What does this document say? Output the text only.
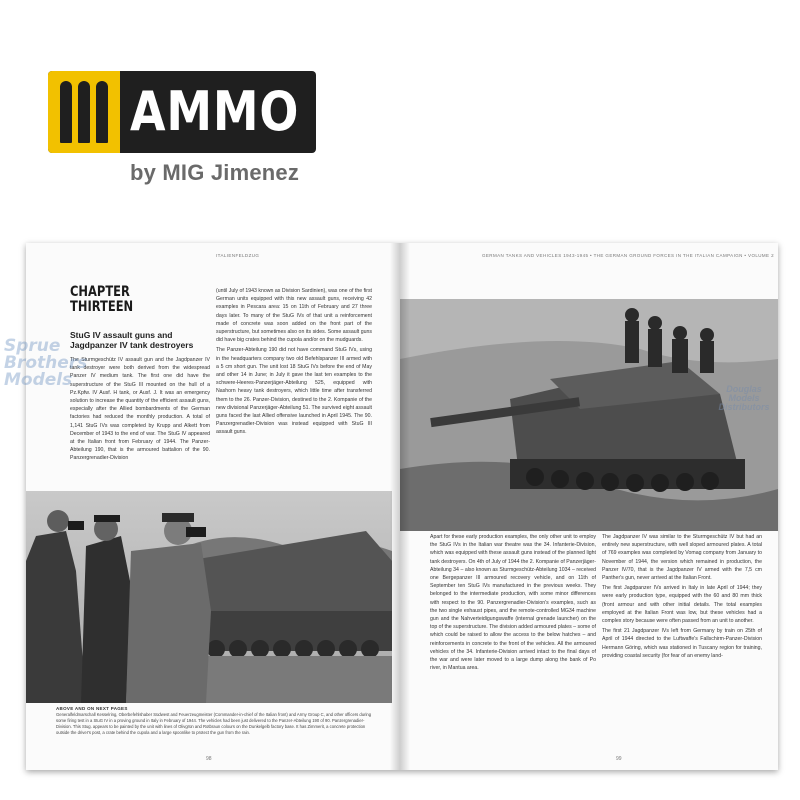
AMMO
by MIG Jimenez
ITALIENFELDZUG
CHAPTER
THIRTEEN
StuG IV assault guns and Jagdpanzer IV tank destroyers

The Sturmgeschütz IV assault gun and the Jagdpanzer IV tank destroyer were both derived from the widespread Panzer IV medium tank. The first one did have the superstructure of the StuG III mounted on the hull of a Pz.Kpfw. IV Ausf. H tank, or Ausf. J. It was an emergency solution to increase the quantity of the efficient assault guns, especially after the Allied bombardments of the German factories had reduced the monthly production. A total of 1,141 StuG IVs was completed by Krupp and Alkett from December of 1943 to the end of war. The StuG IV appeared at the Italian front from February of 1944. The Panzer-Abteilung 190, that is the armoured battalion of the 90. Panzergrenadier-Division

(until July of 1943 known as Division Sardinien), was one of the first German units equipped with this new assault guns, receiving 42 examples in Pescara area: 15 on 11th of February and 27 three days later. To many of the StuG IVs of that unit a reinforcement made of concrete was soon added on the front part of the superstructure, but sometimes also on its sides. Some assault guns did have big crates behind the cupola and/or on the mudguards.

The Panzer-Abteilung 190 did not have command StuG IVs, using in the headquarters company two old Befehlspanzer III armed with a 5 cm short gun. The unit lost 18 StuG IVs before the end of May and other 14 in June; in July it gave the last ten examples to the schwere-Heeres-Panzerjäger-Abteilung 525, equipped with Nashorn heavy tank destroyers, which little time after transferred them to the 26. Panzer-Division, destined to the 2. Kompanie of the new divisional Panzerjäger-Abteilung 51. The survived eight assault guns faced the last Allied offensive launched in April 1945. The 90. Panzergrenadier-Division was instead equipped with StuG III assault guns.

ABOVE AND ON NEXT PAGES
Generalfeldmarschall Kesselring, Oberbefehlshaber Südwest and Feuerzeugmeister (Commander-in-chief of the Italian front) and Army Group C, and other officers during some firing test in a StuG IV in a proving ground in Italy in February of 1944. The vehicles had been just delivered to the Panzer-Abteilung 190 of 90. Panzergrenadier-Division. This Stug. appears to be painted by the unit with lines of Olivgrün and Rotbraun colours on the Dunkelgelb factory base. It has Zimmerit, a concrete protection outside the driver's post, a crate behind the cupola and a large spoonlike to protect the gun from the rain.
98
GERMAN TANKS AND VEHICLES 1943-1945 • THE GERMAN GROUND FORCES IN THE ITALIAN CAMPAIGN • VOLUME 2

Apart for these early production examples, the only other unit to employ the StuG IVs in the Italian war theatre was the 34. Infanterie-Division, which was equipped with these assault guns instead of the planned light tank destroyers. On 4th of July of 1944 the 2. Kompanie of Panzerjäger-Abteilung 34 – also known as Sturmgeschütz-Abteilung 1034 – received one Bergepanzer III armoured recovery vehicle, and on 11th of September ten StuG IVs manufactured in the previous weeks. They belonged to the intermediate production, with some minor differences with respect to the 90. Panzergrenadier-Division's examples, such as the two single exhaust pipes, and the remote-controlled MG34 machine gun and the Nahverteidigungswaffe (internal grenade launcher) on the top of the superstructure. The division added armoured plates – some of which could be raised to allow the access to the below hatches – and reinforcements in concrete to the front of the vehicles. All the armoured vehicles of the 34. Infanterie-Division arrived intact to the final days of the war and were later moved to a large dump along the bank of Po river, in Mantua area.

The Jagdpanzer IV was similar to the Sturmgeschütz IV but had an entirely new superstructure, with well sloped armoured plates. A total of 769 examples was completed by Vomag company from January to November of 1944, the version which remained in production, the Panzer IV/70, that is the Jagdpanzer IV armed with the 7,5 cm Panther's gun, never arrived at the Italian Front.

The first Jagdpanzer IVs arrived in Italy in late April of 1944; they were early production type, equipped with the 60 and 80 mm thick (front armour and with other initial details. The total examples employed at the Italian Front was low, but these vehicles had a complex story because were often passed from an unit to another.

The first 21 Jagdpanzer IVs left from Germany by train on 25th of April of 1944 directed to the Luftwaffe's Fallschirm-Panzer-Division Hermann Göring, which was stationed in Tuscany region for training, providing coastal security (for fear of an enemy land-

99
Sprue
Brothers
Models	Douglas
Models
Distributors
